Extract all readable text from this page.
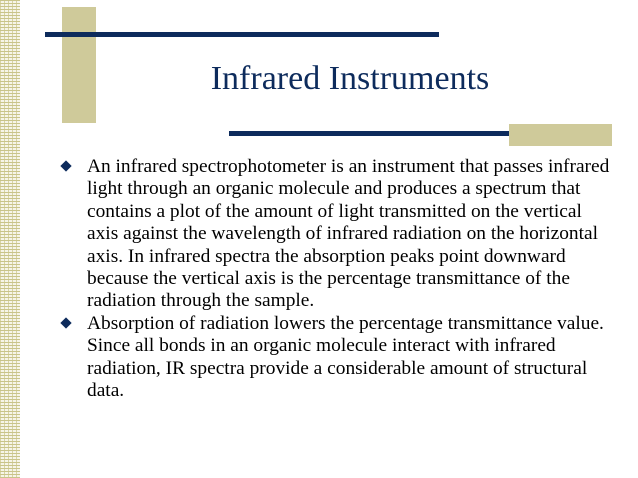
Infrared Instruments
An infrared spectrophotometer is an instrument that passes infrared light through an organic molecule and produces a spectrum that contains a plot of the amount of light transmitted on the vertical axis against the wavelength of infrared radiation on the horizontal axis. In infrared spectra the absorption peaks point downward because the vertical axis is the percentage transmittance of the radiation through the sample.
Absorption of radiation lowers the percentage transmittance value. Since all bonds in an organic molecule interact with infrared radiation, IR spectra provide a considerable amount of structural data.
